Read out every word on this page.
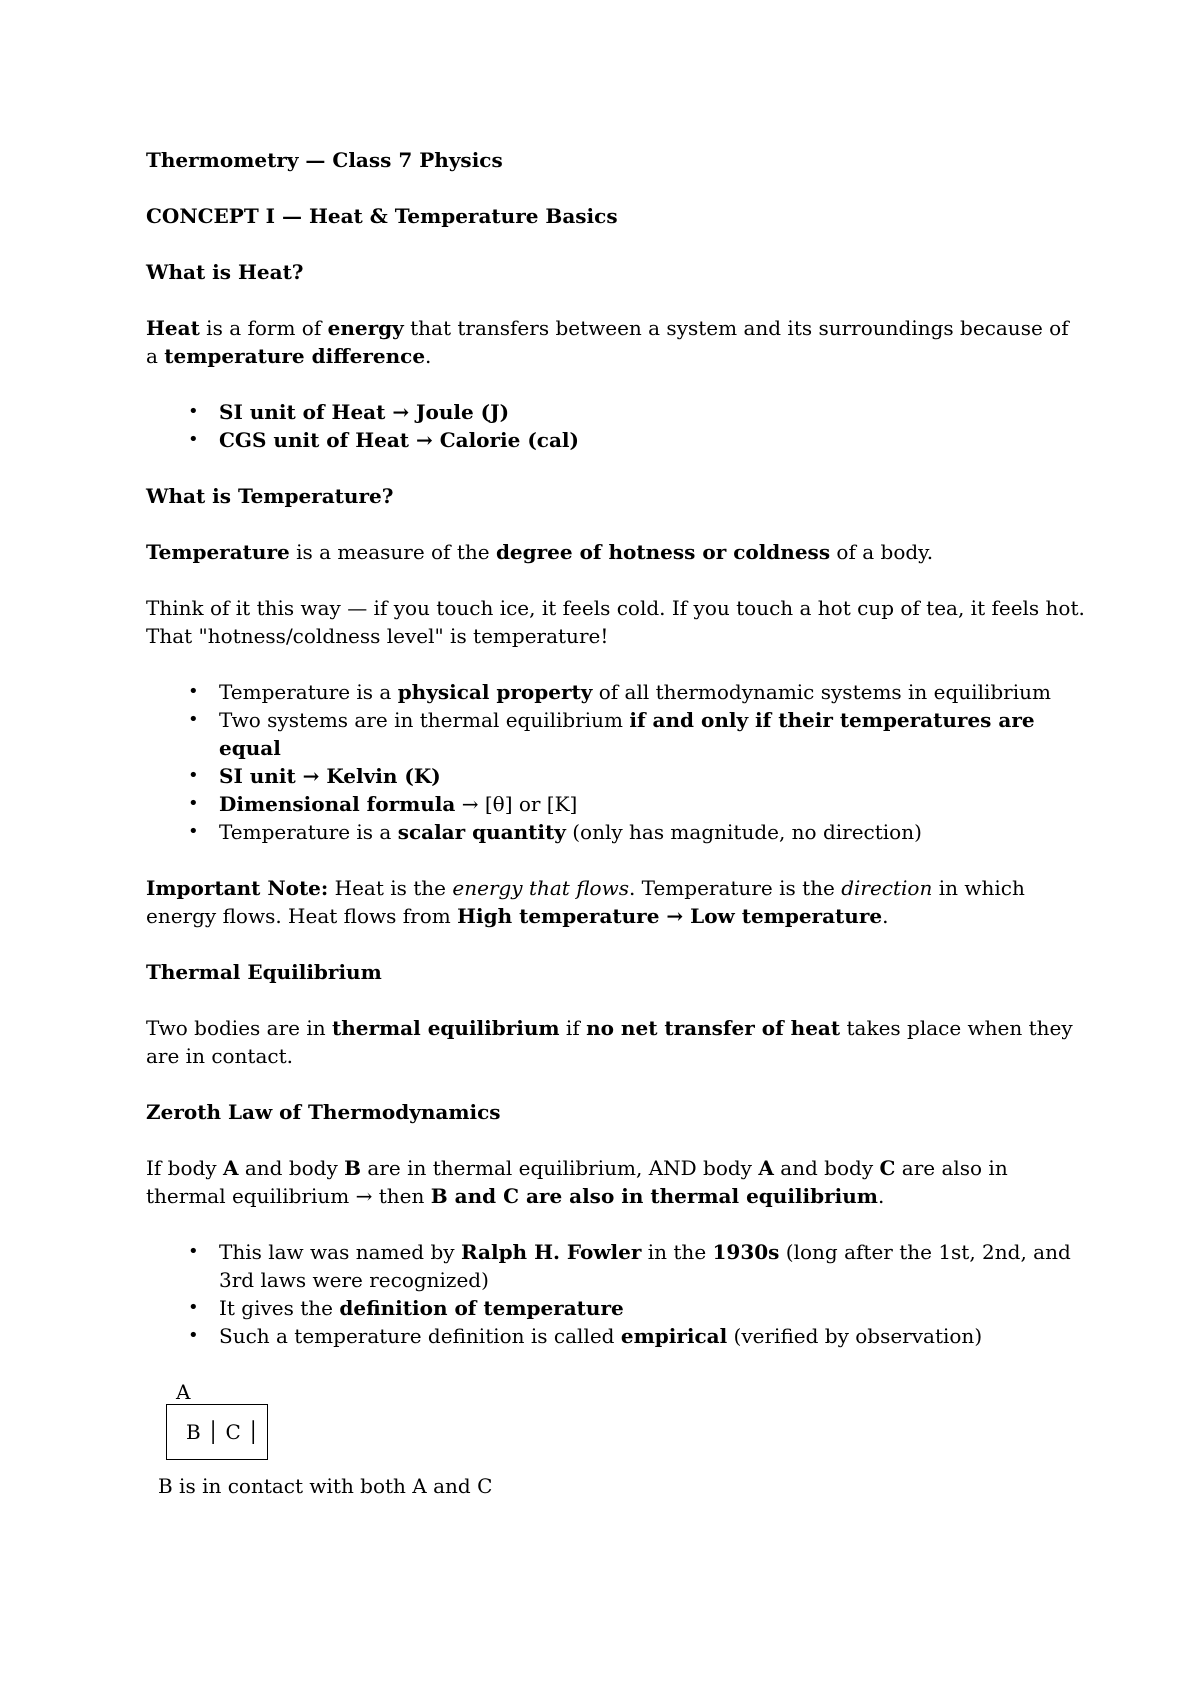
Thermometry — Class 7 Physics

CONCEPT I — Heat & Temperature Basics

What is Heat?

Heat is a form of energy that transfers between a system and its surroundings because of a temperature difference.

• SI unit of Heat → Joule (J)
• CGS unit of Heat → Calorie (cal)

What is Temperature?

Temperature is a measure of the degree of hotness or coldness of a body.

Think of it this way — if you touch ice, it feels cold. If you touch a hot cup of tea, it feels hot. That "hotness/coldness level" is temperature!

• Temperature is a physical property of all thermodynamic systems in equilibrium
• Two systems are in thermal equilibrium if and only if their temperatures are equal
• SI unit → Kelvin (K)
• Dimensional formula → [θ] or [K]
• Temperature is a scalar quantity (only has magnitude, no direction)

Important Note: Heat is the energy that flows. Temperature is the direction in which energy flows. Heat flows from High temperature → Low temperature.

Thermal Equilibrium

Two bodies are in thermal equilibrium if no net transfer of heat takes place when they are in contact.

Zeroth Law of Thermodynamics

If body A and body B are in thermal equilibrium, AND body A and body C are also in thermal equilibrium → then B and C are also in thermal equilibrium.

• This law was named by Ralph H. Fowler in the 1930s (long after the 1st, 2nd, and 3rd laws were recognized)
• It gives the definition of temperature
• Such a temperature definition is called empirical (verified by observation)
A
B │ C │
B is in contact with both A and C
